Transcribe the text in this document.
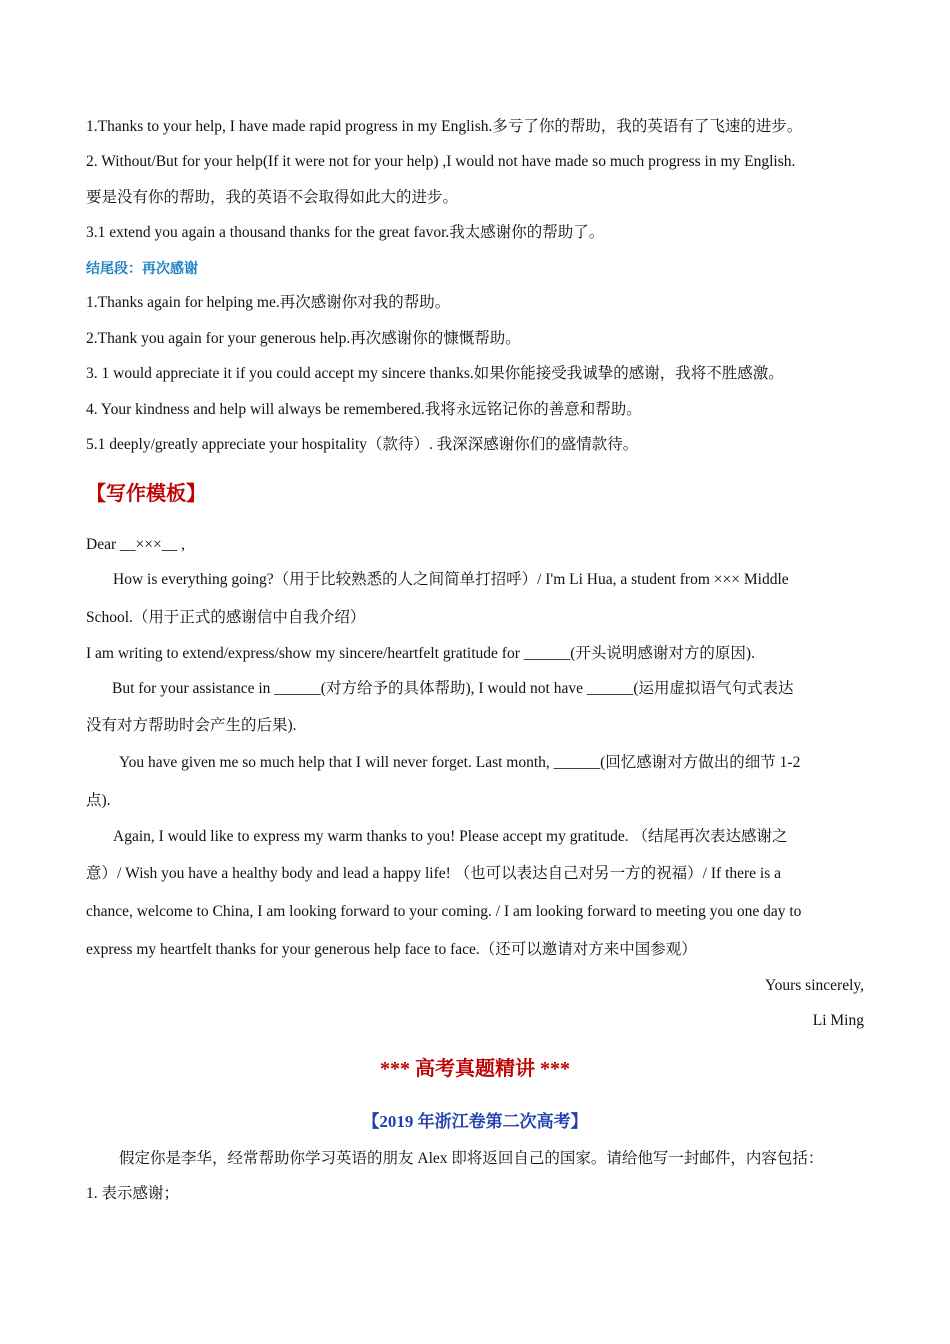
1.Thanks to your help, I have made rapid progress in my English.多亏了你的帮助，我的英语有了飞速的进步。
2. Without/But for your help(If it were not for your help) ,I would not have made so much progress in my English.
要是没有你的帮助，我的英语不会取得如此大的进步。
3.1 extend you again a thousand thanks for the great favor.我太感谢你的帮助了。
结尾段：再次感谢
1.Thanks again for helping me.再次感谢你对我的帮助。
2.Thank you again for your generous help.再次感谢你的慷慨帮助。
3. 1 would appreciate it if you could accept my sincere thanks.如果你能接受我诚挚的感谢，我将不胜感激。
4. Your kindness and help will always be remembered.我将永远铭记你的善意和帮助。
5.1 deeply/greatly appreciate your hospitality（款待）. 我深深感谢你们的盛情款待。
【写作模板】
Dear __×××__ ,
How is everything going?（用于比较熟悉的人之间简单打招呼）/ I'm Li Hua, a student from ××× Middle
School.（用于正式的感谢信中自我介绍）
I am writing to extend/express/show my sincere/heartfelt gratitude for ______(开头说明感谢对方的原因).
But for your assistance in ______(对方给予的具体帮助), I would not have ______(运用虚拟语气句式表达
没有对方帮助时会产生的后果).
You have given me so much help that I will never forget. Last month, ______(回忆感谢对方做出的细节 1-2
点).
Again, I would like to express my warm thanks to you! Please accept my gratitude. （结尾再次表达感谢之
意）/ Wish you have a healthy body and lead a happy life! （也可以表达自己对另一方的祝福）/ If there is a
chance, welcome to China, I am looking forward to your coming. / I am looking forward to meeting you one day to
express my heartfelt thanks for your generous help face to face.（还可以邀请对方来中国参观）
Yours sincerely,
Li Ming
*** 高考真题精讲 ***
【2019 年浙江卷第二次高考】
假定你是李华，经常帮助你学习英语的朋友 Alex 即将返回自己的国家。请给他写一封邮件，内容包括：
1. 表示感谢；
